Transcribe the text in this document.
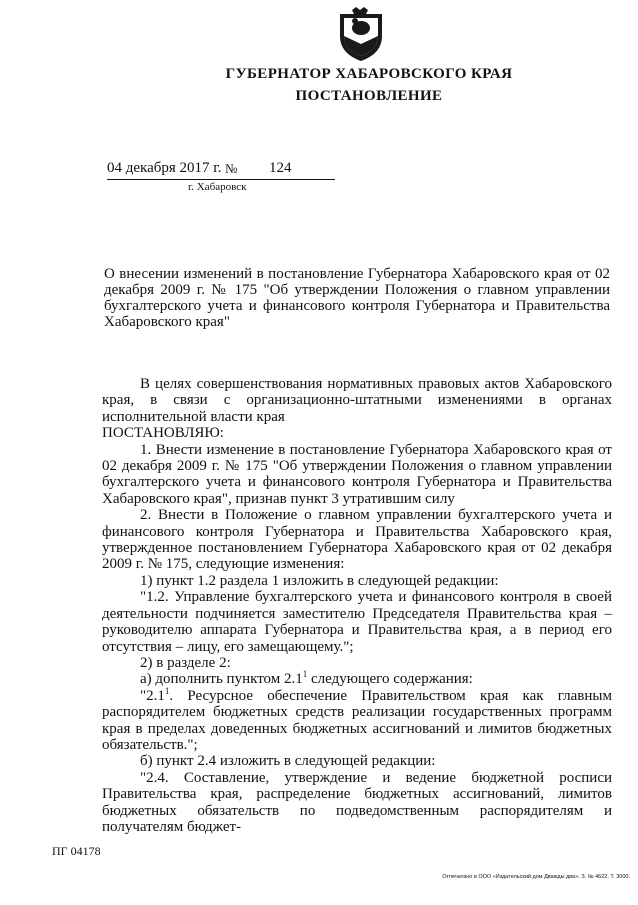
ГУБЕРНАТОР ХАБАРОВСКОГО КРАЯ
ПОСТАНОВЛЕНИЕ
04 декабря 2017 г. № 124
г. Хабаровск
О внесении изменений в постановление Губернатора Хабаровского края от 02 декабря 2009 г. № 175 "Об утверждении Положения о главном управлении бухгалтерского учета и финансового контроля Губернатора и Правительства Хабаровского края"

В целях совершенствования нормативных правовых актов Хабаровского края, в связи с организационно-штатными изменениями в органах исполнительной власти края

ПОСТАНОВЛЯЮ:

1. Внести изменение в постановление Губернатора Хабаровского края от 02 декабря 2009 г. № 175 "Об утверждении Положения о главном управлении бухгалтерского учета и финансового контроля Губернатора и Правительства Хабаровского края", признав пункт 3 утратившим силу

2. Внести в Положение о главном управлении бухгалтерского учета и финансового контроля Губернатора и Правительства Хабаровского края, утвержденное постановлением Губернатора Хабаровского края от 02 декабря 2009 г. № 175, следующие изменения:

1) пункт 1.2 раздела 1 изложить в следующей редакции:

"1.2. Управление бухгалтерского учета и финансового контроля в своей деятельности подчиняется заместителю Председателя Правительства края – руководителю аппарата Губернатора и Правительства края, а в период его отсутствия – лицу, его замещающему.";

2) в разделе 2:

а) дополнить пунктом $2.1^1$ следующего содержания:

"$2.1^1$. Ресурсное обеспечение Правительством края как главным распорядителем бюджетных средств реализации государственных программ края в пределах доведенных бюджетных ассигнований и лимитов бюджетных обязательств.";

б) пункт 2.4 изложить в следующей редакции:

"2.4. Составление, утверждение и ведение бюджетной росписи Правительства края, распределение бюджетных ассигнований, лимитов бюджетных обязательств по подведомственным распорядителям и получателям бюджет-

ПГ 04178
Отпечатано в ООО «Издательский дом Дважды два». З. № 4622. Т. 3000.
